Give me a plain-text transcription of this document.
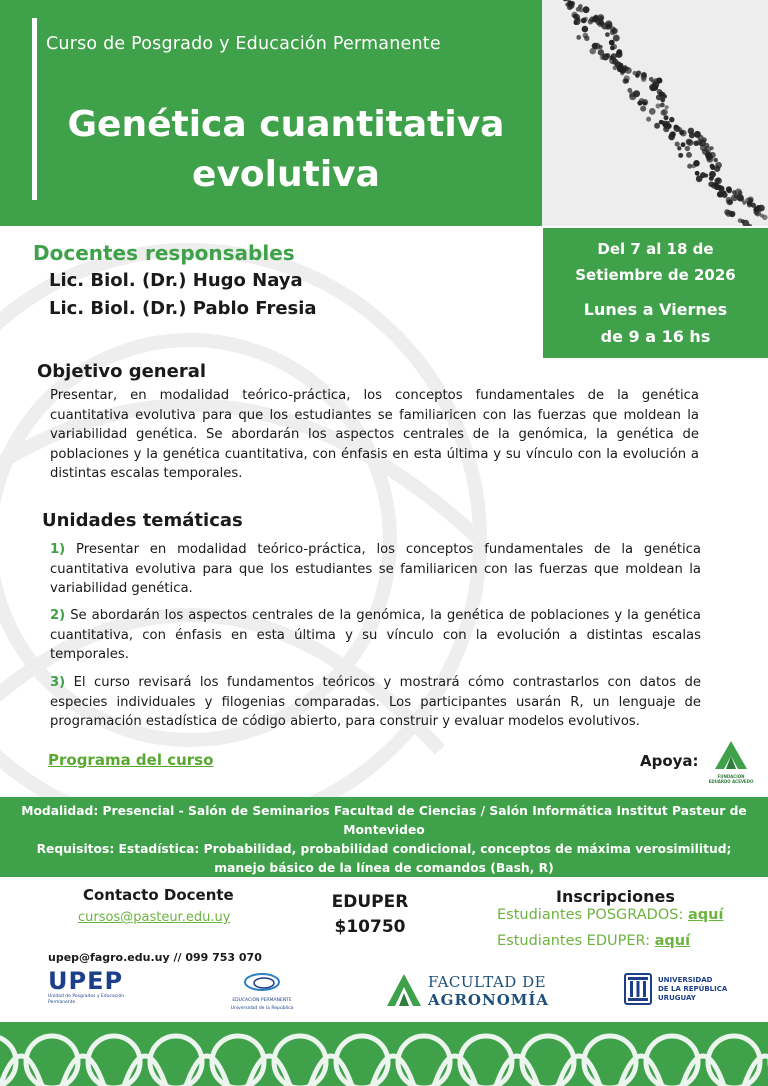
Curso de Posgrado y Educación Permanente
Genética cuantitativa
evolutiva
Del 7 al 18 de
Setiembre de 2026
Lunes a Viernes
de 9 a 16 hs
Docentes responsables
Lic. Biol. (Dr.) Hugo Naya
Lic. Biol. (Dr.) Pablo Fresia
Objetivo general
Presentar, en modalidad teórico-práctica, los conceptos fundamentales de la genética cuantitativa evolutiva para que los estudiantes se familiaricen con las fuerzas que moldean la variabilidad genética. Se abordarán los aspectos centrales de la genómica, la genética de poblaciones y la genética cuantitativa, con énfasis en esta última y su vínculo con la evolución a distintas escalas temporales.
Unidades temáticas
1) Presentar en modalidad teórico-práctica, los conceptos fundamentales de la genética cuantitativa evolutiva para que los estudiantes se familiaricen con las fuerzas que moldean la variabilidad genética.
2) Se abordarán los aspectos centrales de la genómica, la genética de poblaciones y la genética cuantitativa, con énfasis en esta última y su vínculo con la evolución a distintas escalas temporales.
3) El curso revisará los fundamentos teóricos y mostrará cómo contrastarlos con datos de especies individuales y filogenias comparadas. Los participantes usarán R, un lenguaje de programación estadística de código abierto, para construir y evaluar modelos evolutivos.
Programa del curso	Apoya:
FUNDACIÓN
EDUARDO ACEVEDO
Modalidad: Presencial - Salón de Seminarios Facultad de Ciencias / Salón Informática Institut Pasteur de Montevideo
Requisitos: Estadística: Probabilidad, probabilidad condicional, conceptos de máxima verosimilitud; manejo básico de la línea de comandos (Bash, R)
Contacto Docente
cursos@pasteur.edu.uy
upep@fagro.edu.uy // 099 753 070
EDUPER
$10750
Inscripciones
Estudiantes POSGRADOS: aquí
Estudiantes EDUPER: aquí
UPEP
Unidad de Posgrados y Educación Permanente	EDUCACIÓN PERMANENTE
Universidad de la República
FACULTAD DE
AGRONOMÍA
UNIVERSIDAD
DE LA REPÚBLICA
URUGUAY
